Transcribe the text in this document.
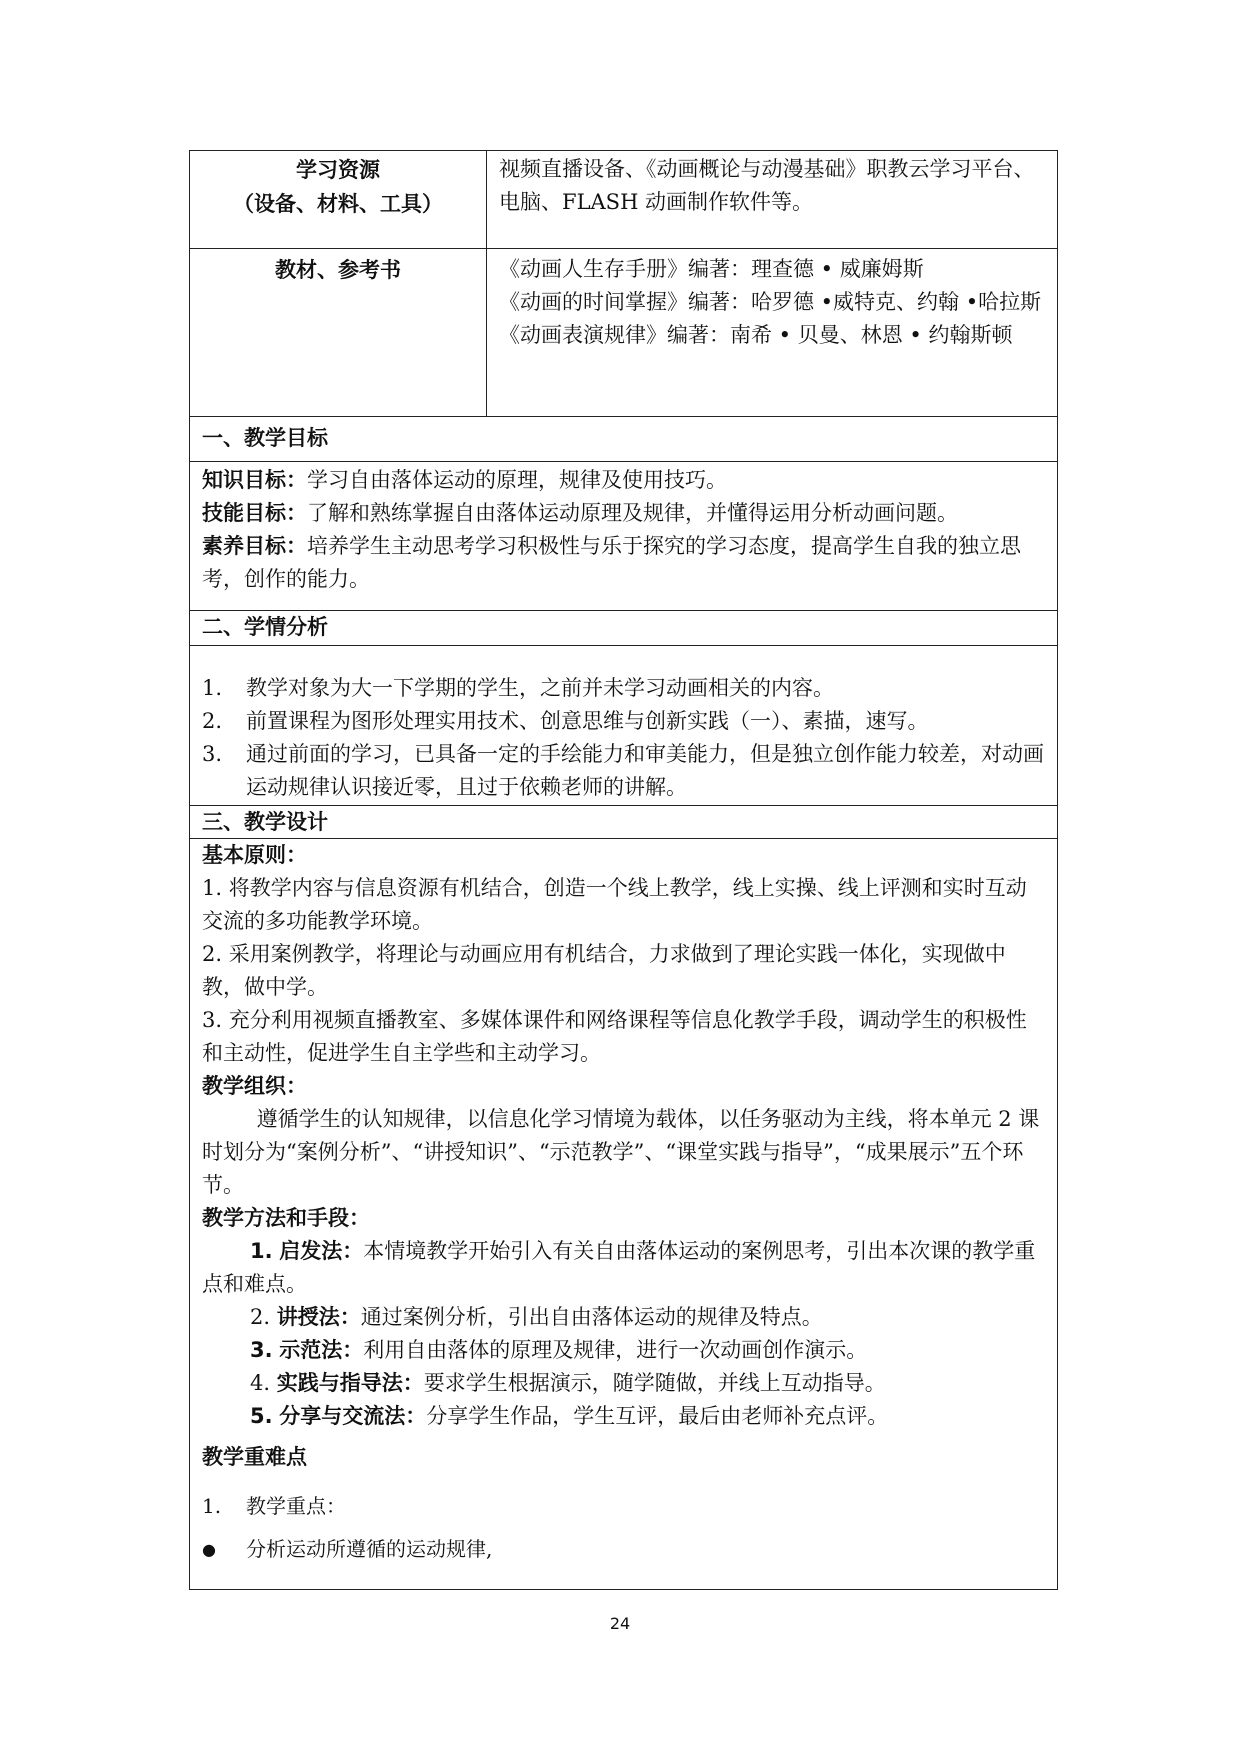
学习资源
（设备、材料、工具）
视频直播设备、《动画概论与动漫基础》职教云学习平台、电脑、FLASH 动画制作软件等。
教材、参考书	《动画人生存手册》编著：理查德 • 威廉姆斯
《动画的时间掌握》编著：哈罗德 •威特克、约翰 •哈拉斯
《动画表演规律》编著：南希 • 贝曼、林恩 • 约翰斯顿
一、教学目标
知识目标：学习自由落体运动的原理，规律及使用技巧。
技能目标：了解和熟练掌握自由落体运动原理及规律，并懂得运用分析动画问题。
素养目标：培养学生主动思考学习积极性与乐于探究的学习态度，提高学生自我的独立思考，创作的能力。
二、学情分析
1. 教学对象为大一下学期的学生，之前并未学习动画相关的内容。
2. 前置课程为图形处理实用技术、创意思维与创新实践（一）、素描，速写。
3. 通过前面的学习，已具备一定的手绘能力和审美能力，但是独立创作能力较差，对动画运动规律认识接近零，且过于依赖老师的讲解。
三、教学设计
基本原则：
1. 将教学内容与信息资源有机结合，创造一个线上教学，线上实操、线上评测和实时互动交流的多功能教学环境。
2. 采用案例教学，将理论与动画应用有机结合，力求做到了理论实践一体化，实现做中教，做中学。
3. 充分利用视频直播教室、多媒体课件和网络课程等信息化教学手段，调动学生的积极性和主动性，促进学生自主学些和主动学习。
教学组织：
遵循学生的认知规律，以信息化学习情境为载体，以任务驱动为主线，将本单元 2 课时划分为“案例分析”、“讲授知识”、“示范教学”、“课堂实践与指导”，“成果展示”五个环节。
教学方法和手段：
1. 启发法：本情境教学开始引入有关自由落体运动的案例思考，引出本次课的教学重点和难点。
2. 讲授法：通过案例分析，引出自由落体运动的规律及特点。
3. 示范法：利用自由落体的原理及规律，进行一次动画创作演示。
4. 实践与指导法：要求学生根据演示，随学随做，并线上互动指导。
5. 分享与交流法：分享学生作品，学生互评，最后由老师补充点评。
教学重难点
1. 教学重点：
● 分析运动所遵循的运动规律,
24
